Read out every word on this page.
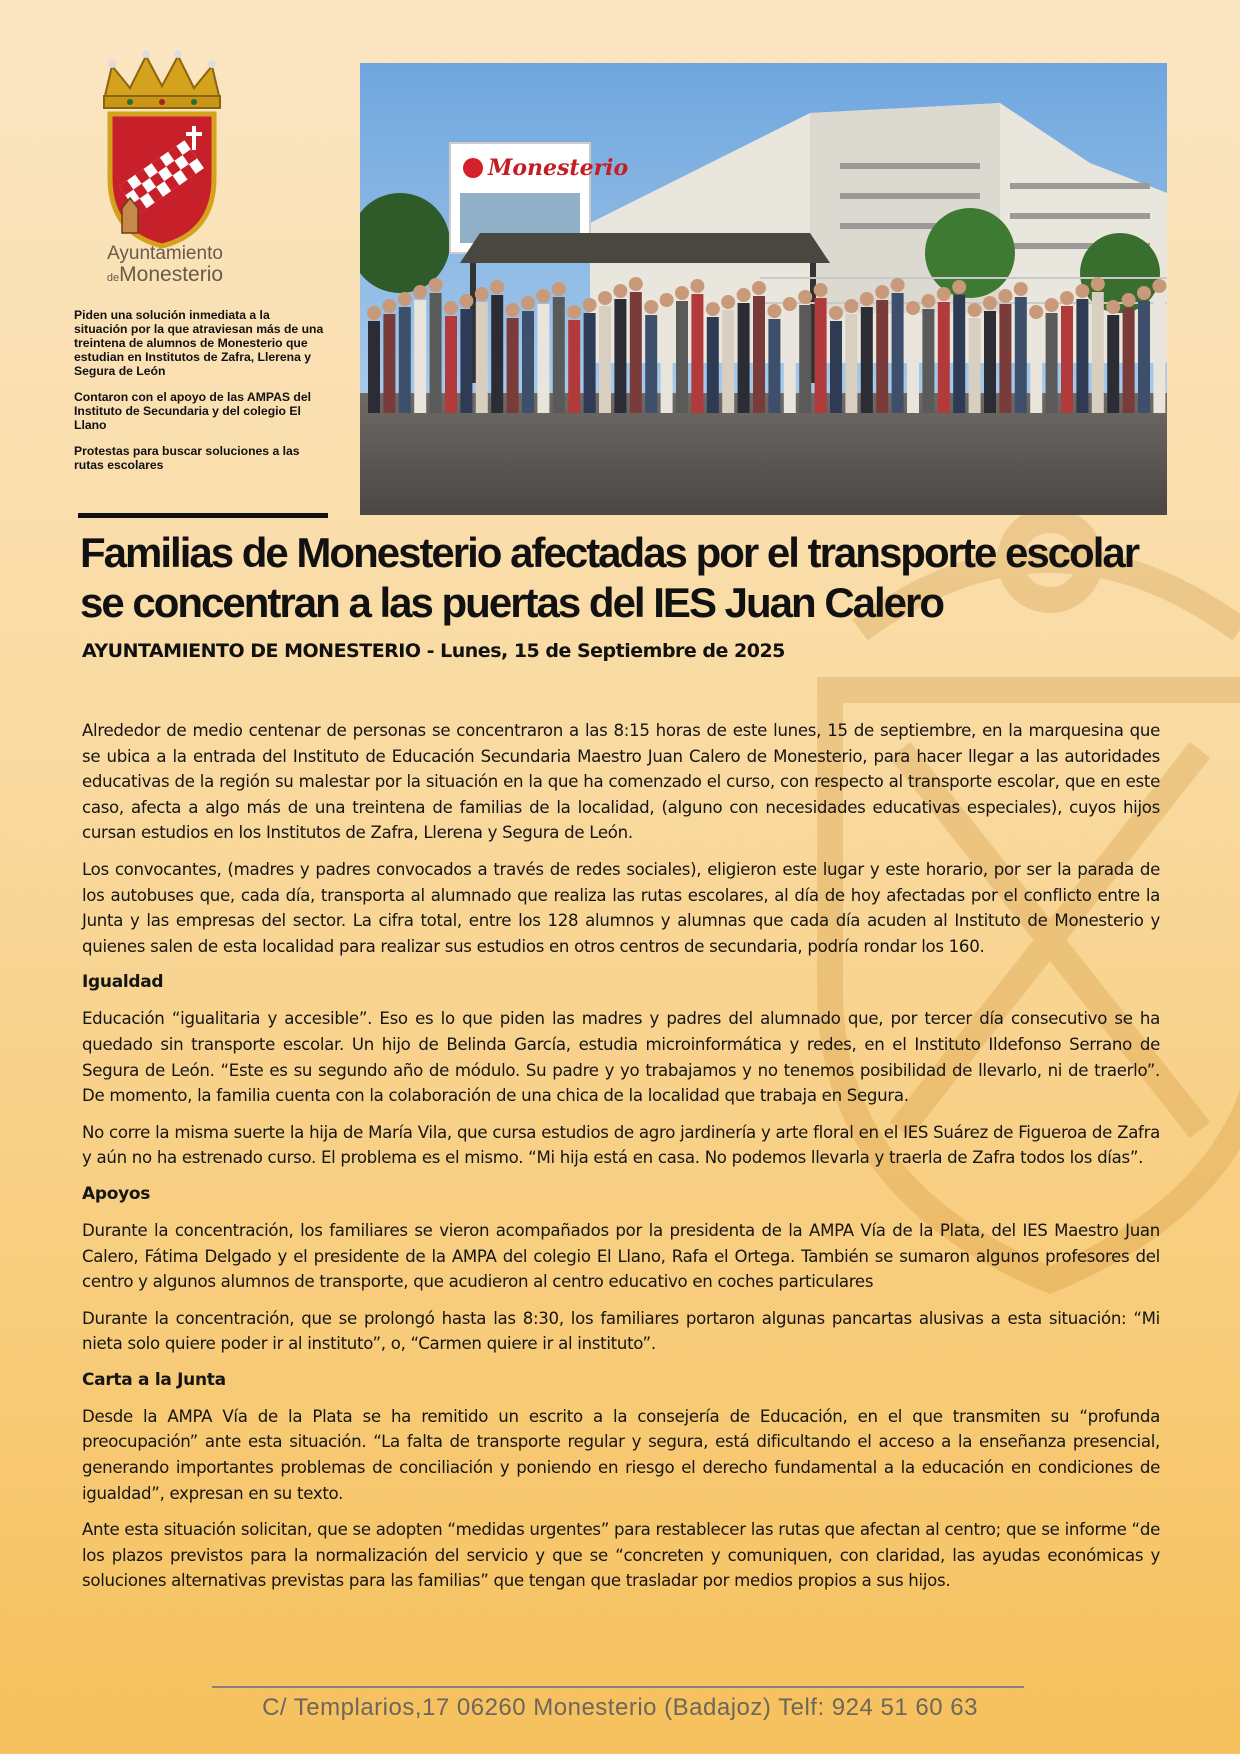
Ayuntamiento
deMonesterio

Piden una solución inmediata a la situación por la que atraviesan más de una treintena de alumnos de Monesterio que estudian en Institutos de Zafra, Llerena y Segura de León

Contaron con el apoyo de las AMPAS del Instituto de Secundaria y del colegio El Llano

Protestas para buscar soluciones a las rutas escolares

Monesterio
Familias de Monesterio afectadas por el transporte escolar se concentran a las puertas del IES Juan Calero

AYUNTAMIENTO DE MONESTERIO - Lunes, 15 de Septiembre de 2025

Alrededor de medio centenar de personas se concentraron a las 8:15 horas de este lunes, 15 de septiembre, en la marquesina que se ubica a la entrada del Instituto de Educación Secundaria Maestro Juan Calero de Monesterio, para hacer llegar a las autoridades educativas de la región su malestar por la situación en la que ha comenzado el curso, con respecto al transporte escolar, que en este caso, afecta a algo más de una treintena de familias de la localidad, (alguno con necesidades educativas especiales), cuyos hijos cursan estudios en los Institutos de Zafra, Llerena y Segura de León.

Los convocantes, (madres y padres convocados a través de redes sociales), eligieron este lugar y este horario, por ser la parada de los autobuses que, cada día, transporta al alumnado que realiza las rutas escolares, al día de hoy afectadas por el conflicto entre la Junta y las empresas del sector. La cifra total, entre los 128 alumnos y alumnas que cada día acuden al Instituto de Monesterio y quienes salen de esta localidad para realizar sus estudios en otros centros de secundaria, podría rondar los 160.

Igualdad

Educación “igualitaria y accesible”. Eso es lo que piden las madres y padres del alumnado que, por tercer día consecutivo se ha quedado sin transporte escolar. Un hijo de Belinda García, estudia microinformática y redes, en el Instituto Ildefonso Serrano de Segura de León. “Este es su segundo año de módulo. Su padre y yo trabajamos y no tenemos posibilidad de llevarlo, ni de traerlo”. De momento, la familia cuenta con la colaboración de una chica de la localidad que trabaja en Segura.

No corre la misma suerte la hija de María Vila, que cursa estudios de agro jardinería y arte floral en el IES Suárez de Figueroa de Zafra y aún no ha estrenado curso. El problema es el mismo. “Mi hija está en casa. No podemos llevarla y traerla de Zafra todos los días”.

Apoyos

Durante la concentración, los familiares se vieron acompañados por la presidenta de la AMPA Vía de la Plata, del IES Maestro Juan Calero, Fátima Delgado y el presidente de la AMPA del colegio El Llano, Rafa el Ortega. También se sumaron algunos profesores del centro y algunos alumnos de transporte, que acudieron al centro educativo en coches particulares

Durante la concentración, que se prolongó hasta las 8:30, los familiares portaron algunas pancartas alusivas a esta situación: “Mi nieta solo quiere poder ir al instituto”, o, “Carmen quiere ir al instituto”.

Carta a la Junta

Desde la AMPA Vía de la Plata se ha remitido un escrito a la consejería de Educación, en el que transmiten su “profunda preocupación” ante esta situación. “La falta de transporte regular y segura, está dificultando el acceso a la enseñanza presencial, generando importantes problemas de conciliación y poniendo en riesgo el derecho fundamental a la educación en condiciones de igualdad”, expresan en su texto.

Ante esta situación solicitan, que se adopten “medidas urgentes” para restablecer las rutas que afectan al centro; que se informe “de los plazos previstos para la normalización del servicio y que se “concreten y comuniquen, con claridad, las ayudas económicas y soluciones alternativas previstas para las familias” que tengan que trasladar por medios propios a sus hijos.

C/ Templarios,17 06260 Monesterio (Badajoz) Telf: 924 51 60 63
